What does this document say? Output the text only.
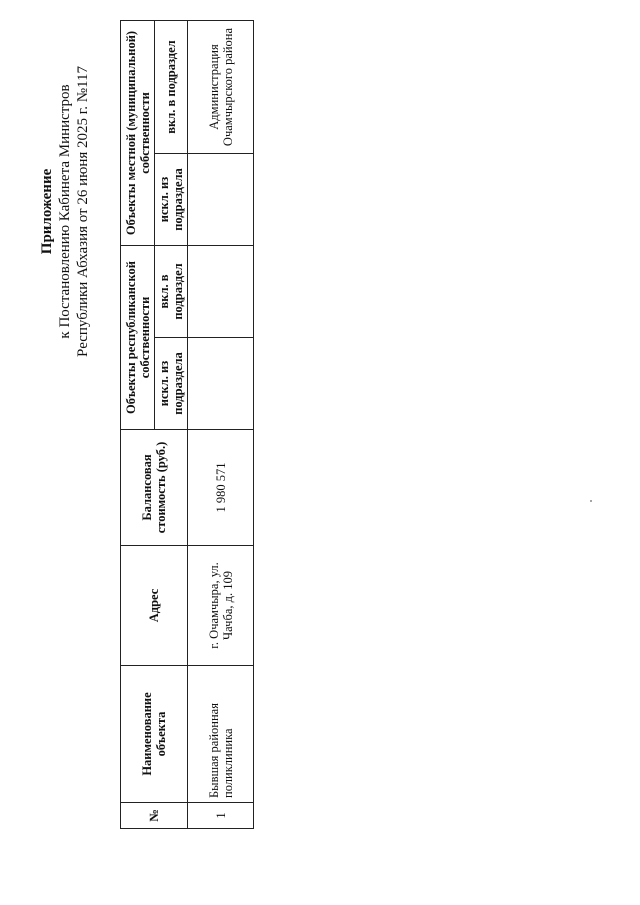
Приложение к Постановлению Кабинета Министров Республики Абхазия от 26 июня 2025 г. №117
№	Наименование объекта	Адрес	Балансовая стоимость (руб.)	Объекты республиканской собственности		Объекты местной (муниципальной) собственности	
				искл. из подраздела	вкл. в подраздел	искл. из подраздела	вкл. в подраздел
1	Бывшая районная поликлиника	г. Очамчыра, ул. Чачба, д. 109	1 980 571				Администрация Очамчырского района
